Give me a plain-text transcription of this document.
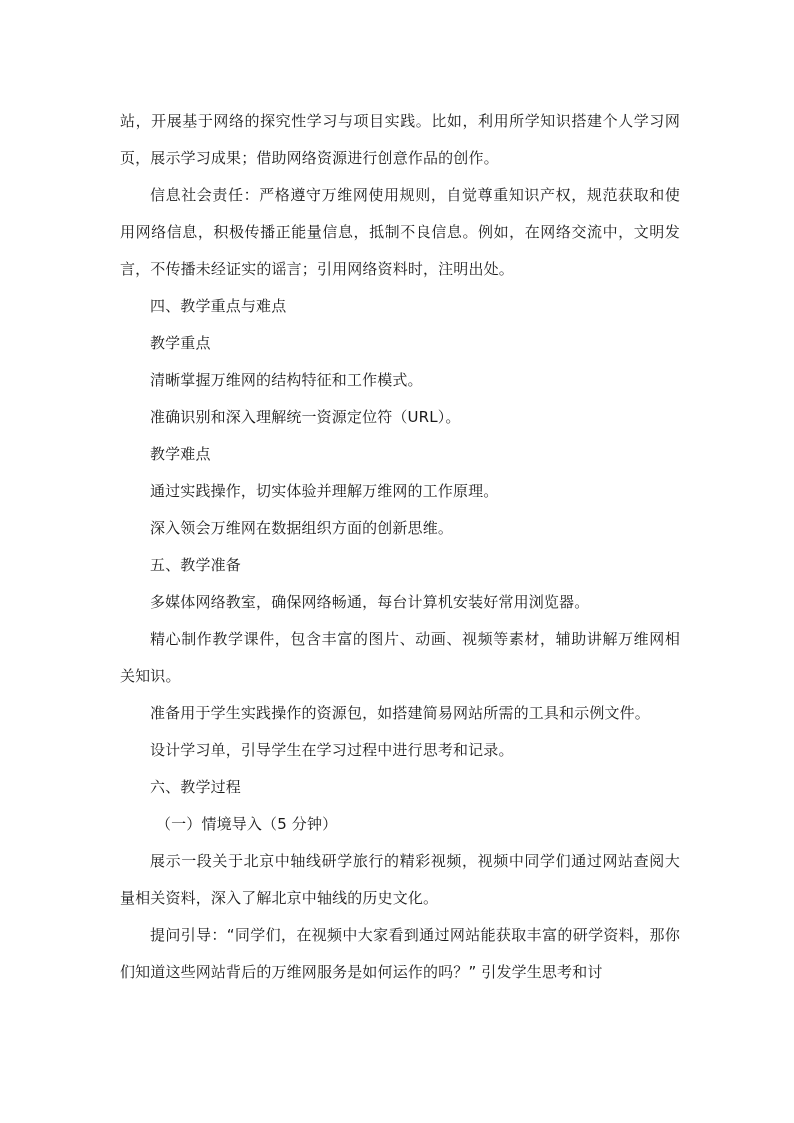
站，开展基于网络的探究性学习与项目实践。比如，利用所学知识搭建个人学习网页，展示学习成果；借助网络资源进行创意作品的创作。

信息社会责任：严格遵守万维网使用规则，自觉尊重知识产权，规范获取和使用网络信息，积极传播正能量信息，抵制不良信息。例如，在网络交流中，文明发言，不传播未经证实的谣言；引用网络资料时，注明出处。

四、教学重点与难点

教学重点

清晰掌握万维网的结构特征和工作模式。

准确识别和深入理解统一资源定位符（URL）。

教学难点

通过实践操作，切实体验并理解万维网的工作原理。

深入领会万维网在数据组织方面的创新思维。

五、教学准备

多媒体网络教室，确保网络畅通，每台计算机安装好常用浏览器。

精心制作教学课件，包含丰富的图片、动画、视频等素材，辅助讲解万维网相关知识。

准备用于学生实践操作的资源包，如搭建简易网站所需的工具和示例文件。

设计学习单，引导学生在学习过程中进行思考和记录。

六、教学过程

（一）情境导入（5 分钟）

展示一段关于北京中轴线研学旅行的精彩视频，视频中同学们通过网站查阅大量相关资料，深入了解北京中轴线的历史文化。

提问引导：“同学们，在视频中大家看到通过网站能获取丰富的研学资料，那你们知道这些网站背后的万维网服务是如何运作的吗？” 引发学生思考和讨
